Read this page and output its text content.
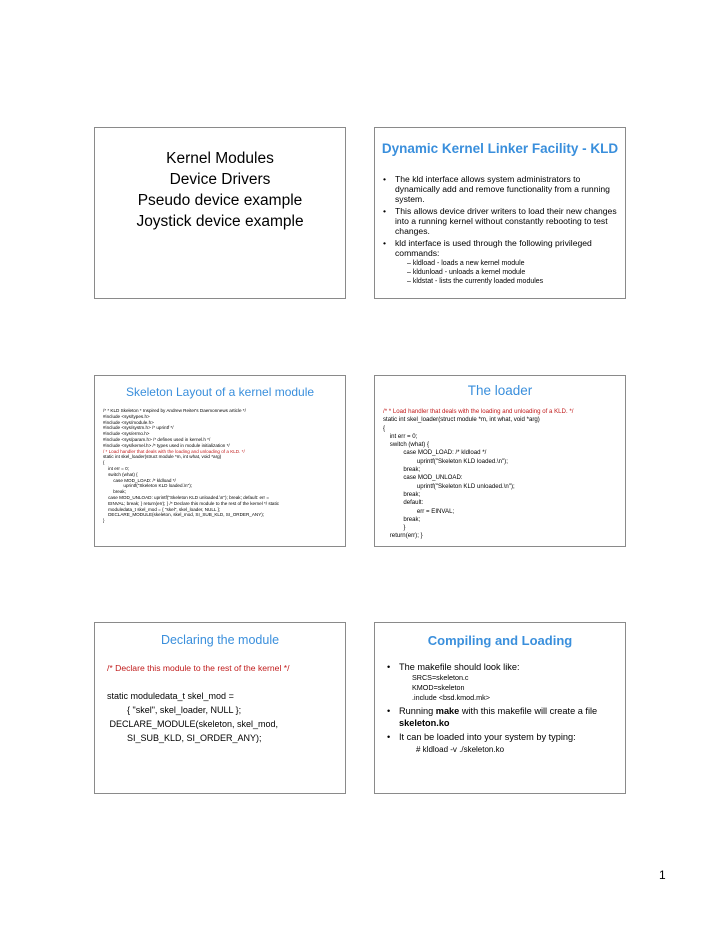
Kernel Modules
Device Drivers
Pseudo device example
Joystick device example
Dynamic Kernel Linker Facility - KLD
• The kld interface allows system administrators to dynamically add and remove functionality from a running system.
• This allows device driver writers to load their new changes into a running kernel without constantly rebooting to test changes.
• kld interface is used through the following privileged commands:
– kldload - loads a new kernel module
– kldunload - unloads a kernel module
– kldstat - lists the currently loaded modules
Skeleton Layout of a kernel module
/* * KLD Skeleton * Inspired by Andrew Reiter's Daemonnews article */
#include <sys/types.h>
#include <sys/module.h>
#include <sys/systm.h> /* uprintf */
#include <sys/errno.h>
#include <sys/param.h> /* defines used in kernel.h */
#include <sys/kernel.h> /* types used in module initialization */
/ * Load handler that deals with the loading and unloading of a KLD. */
static int skel_loader(struct module *m, int what, void *arg)
{
int err = 0;
switch (what) {
case MOD_LOAD: /* kldload */
uprintf("Skeleton KLD loaded.\n");
break;
case MOD_UNLOAD: uprintf("Skeleton KLD unloaded.\n"); break; default: err =
EINVAL; break; } return(err); } /* Declare this module to the rest of the kernel */ static
moduledata_t skel_mod = { "skel", skel_loader, NULL };
DECLARE_MODULE(skeleton, skel_mod, SI_SUB_KLD, SI_ORDER_ANY);
}
The loader
/* * Load handler that deals with the loading and unloading of a KLD. */
static int skel_loader(struct module *m, int what, void *arg)
{
int err = 0;
switch (what) {
case MOD_LOAD: /* kldload */
uprintf("Skeleton KLD loaded.\n");
break;
case MOD_UNLOAD:
uprintf("Skeleton KLD unloaded.\n");
break;
default:
err = EINVAL;
break;
}
return(err); }
Declaring the module
/* Declare this module to the rest of the kernel */
static moduledata_t skel_mod =
{ "skel", skel_loader, NULL };
DECLARE_MODULE(skeleton, skel_mod,
SI_SUB_KLD, SI_ORDER_ANY);
Compiling and Loading
• The makefile should look like:
SRCS=skeleton.c
KMOD=skeleton
.include <bsd.kmod.mk>
• Running make with this makefile will create a file skeleton.ko
• It can be loaded into your system by typing:
# kldload -v ./skeleton.ko
1
